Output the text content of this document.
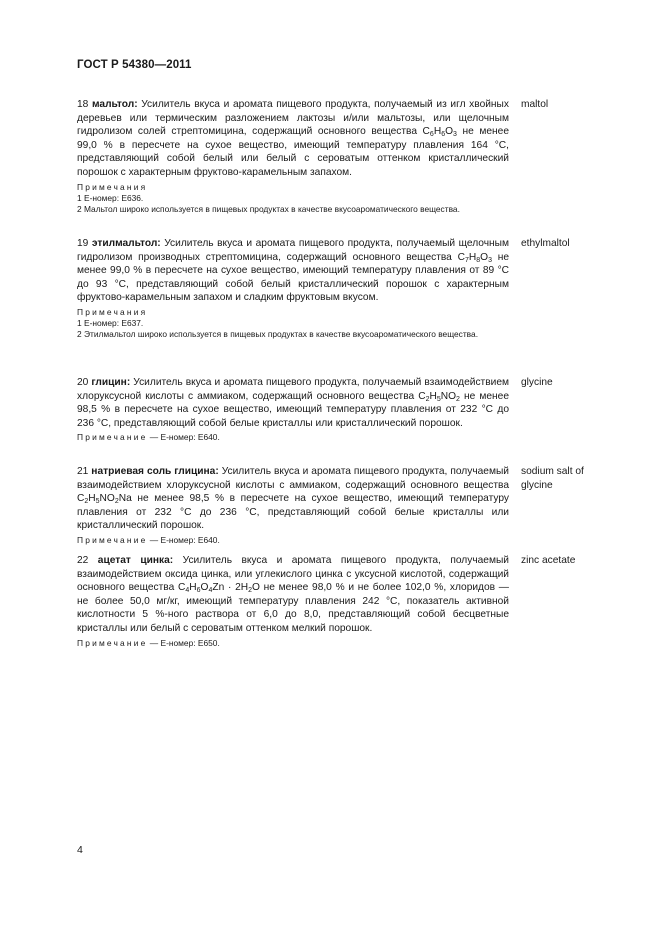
ГОСТ Р 54380—2011
18 мальтол: Усилитель вкуса и аромата пищевого продукта, получаемый из игл хвойных деревьев или термическим разложением лактозы и/или мальтозы, или щелочным гидролизом солей стрептомицина, содержащий основного вещества $C_6H_6O_3$ не менее 99,0 % в пересчете на сухое вещество, имеющий температуру плавления 164 °С, представляющий собой белый или белый с сероватым оттенком кристаллический порошок с характерным фруктово-карамельным запахом.
maltol
Примечания
1 Е-номер: Е636.
2 Мальтол широко используется в пищевых продуктах в качестве вкусоароматического вещества.
19 этилмальтол: Усилитель вкуса и аромата пищевого продукта, получаемый щелочным гидролизом производных стрептомицина, содержащий основного вещества $C_7H_8O_3$ не менее 99,0 % в пересчете на сухое вещество, имеющий температуру плавления от 89 °С до 93 °С, представляющий собой белый кристаллический порошок с характерным фруктово-карамельным запахом и сладким фруктовым вкусом.
ethylmaltol
Примечания
1 Е-номер: Е637.
2 Этилмальтол широко используется в пищевых продуктах в качестве вкусоароматического вещества.
20 глицин: Усилитель вкуса и аромата пищевого продукта, получаемый взаимодействием хлоруксусной кислоты с аммиаком, содержащий основного вещества $C_2H_5NO_2$ не менее 98,5 % в пересчете на сухое вещество, имеющий температуру плавления от 232 °С до 236 °С, представляющий собой белые кристаллы или кристаллический порошок.
glycine
Примечание — Е-номер: Е640.
21 натриевая соль глицина: Усилитель вкуса и аромата пищевого продукта, получаемый взаимодействием хлоруксусной кислоты с аммиаком, содержащий основного вещества $C_2H_5NO_2Na$ не менее 98,5 % в пересчете на сухое вещество, имеющий температуру плавления от 232 °С до 236 °С, представляющий собой белые кристаллы или кристаллический порошок.
sodium salt of glycine
Примечание — Е-номер: Е640.
22 ацетат цинка: Усилитель вкуса и аромата пищевого продукта, получаемый взаимодействием оксида цинка, или углекислого цинка с уксусной кислотой, содержащий основного вещества $C_4H_6O_4Zn \cdot 2H_2O$ не менее 98,0 % и не более 102,0 %, хлоридов — не более 50,0 мг/кг, имеющий температуру плавления 242 °С, показатель активной кислотности 5 %-ного раствора от 6,0 до 8,0, представляющий собой бесцветные кристаллы или белый с сероватым оттенком мелкий порошок.
zinc acetate
Примечание — Е-номер: Е650.
4
